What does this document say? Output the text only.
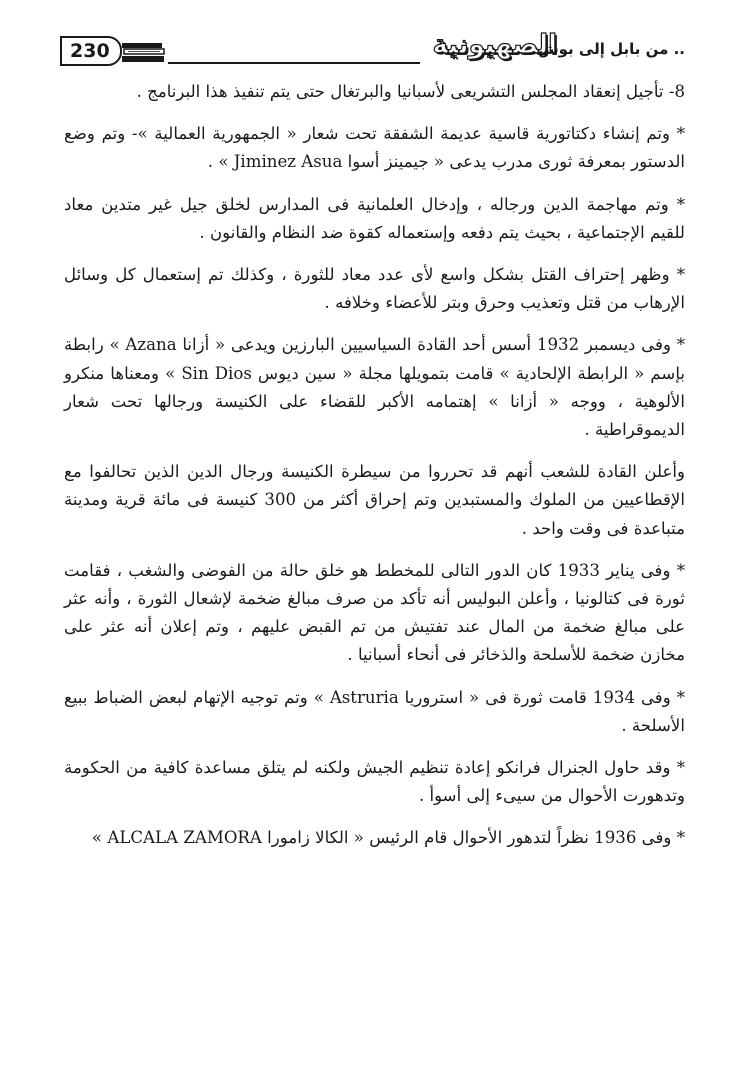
230	الصهيونية
.. من بابل إلى بوش

8- تأجيل إنعقاد المجلس التشريعى لأسبانيا والبرتغال حتى يتم تنفيذ هذا البرنامج .

* وتم إنشاء دكتاتورية قاسية عديمة الشفقة تحت شعار « الجمهورية العمالية »- وتم وضع الدستور بمعرفة ثورى مدرب يدعى « جيمينز أسوا Jiminez Asua » .

* وتم مهاجمة الدين ورجاله ، وإدخال العلمانية فى المدارس لخلق جيل غير متدين معاد للقيم الإجتماعية ، بحيث يتم دفعه وإستعماله كقوة ضد النظام والقانون .

* وظهر إحتراف القتل بشكل واسع لأى عدد معاد للثورة ، وكذلك تم إستعمال كل وسائل الإرهاب من قتل وتعذيب وحرق وبتر للأعضاء وخلافه .

* وفى ديسمبر 1932 أسس أحد القادة السياسيين البارزين ويدعى « أزانا Azana » رابطة بإسم « الرابطة الإلحادية » قامت بتمويلها مجلة « سين ديوس Sin Dios » ومعناها منكرو الألوهية ، ووجه « أزانا » إهتمامه الأكبر للقضاء على الكنيسة ورجالها تحت شعار الديموقراطية .

وأعلن القادة للشعب أنهم قد تحرروا من سيطرة الكنيسة ورجال الدين الذين تحالفوا مع الإقطاعيين من الملوك والمستبدين وتم إحراق أكثر من 300 كنيسة فى مائة قرية ومدينة متباعدة فى وقت واحد .

* وفى يناير 1933 كان الدور التالى للمخطط هو خلق حالة من الفوضى والشغب ، فقامت ثورة فى كتالونيا ، وأعلن البوليس أنه تأكد من صرف مبالغ ضخمة لإشعال الثورة ، وأنه عثر على مبالغ ضخمة من المال عند تفتيش من تم القبض عليهم ، وتم إعلان أنه عثر على مخازن ضخمة للأسلحة والذخائر فى أنحاء أسبانيا .

* وفى 1934 قامت ثورة فى « استروريا Astruria » وتم توجيه الإتهام لبعض الضباط ببيع الأسلحة .

* وقد حاول الجنرال فرانكو إعادة تنظيم الجيش ولكنه لم يتلق مساعدة كافية من الحكومة وتدهورت الأحوال من سيىء إلى أسوأ .

* وفى 1936 نظراً لتدهور الأحوال قام الرئيس « الكالا زامورا ALCALA ZAMORA »
